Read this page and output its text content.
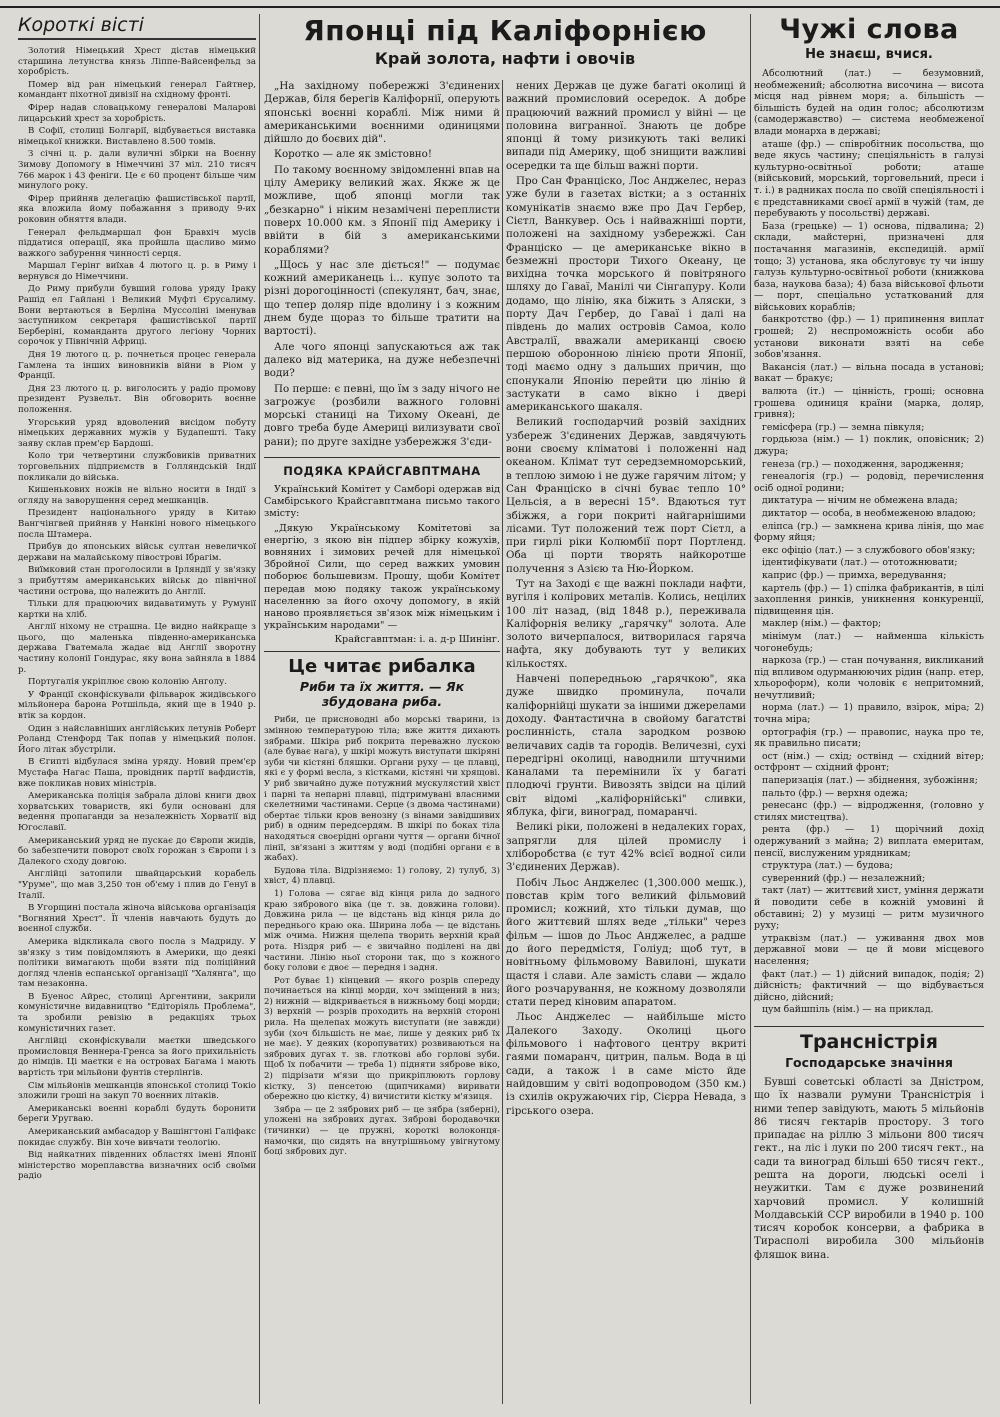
Короткі вісті

Золотий Німецький Хрест дістав німецький старшина летунства князь Ліппе-Вайсенфельд за хоробрість.

Помер від ран німецький генерал Гайтнер, командант піхотної дивізії на східному фронті.

Фірер надав словацькому генералові Маларові лицарський хрест за хоробрість.

В Софії, столиці Болгарії, відбувається виставка німецької книжки. Виставлено 8.500 томів.

З січні ц. р. дали вуличні збірки на Воєнну Зимову Допомогу в Німеччині 37 міл. 210 тисяч 766 марок і 43 феніги. Це є 60 процент більше чим минулого року.

Фірер прийняв делегацію фашистівської партії, яка вложила йому побажання з приводу 9-их роковин обняття влади.

Генерал фельдмаршал фон Бравхіч мусів піддатися операції, яка пройшла щасливо мимо важкого забурення чинності серця.

Маршал Герінг виїхав 4 лютого ц. р. в Риму і вернувся до Німеччини.

До Риму прибули бувший голова уряду Іраку Рашід ел Гайлані і Великий Муфті Єрусалиму. Вони вертаються в Берліна Муссоліні іменував заступником секретаря фашистівської партії Берберіні, команданта другого легіону Чорних сорочок у Північній Африці.

Дня 19 лютого ц. р. почнеться процес генерала Гамлена та інших виновників війни в Ріом у Франції.

Дня 23 лютого ц. р. виголосить у радіо промову президент Рузвельт. Він обговорить воєнне положення.

Угорський уряд вдоволений висідом побуту німецьких державних мужів у Будапешті. Таку заяву склав прем'єр Бардоші.

Коло три четвертини службовиків приватних торговельних підприємств в Голляндській Індії покликали до війська.

Кишенькових ножів не вільно носити в Індії з огляду на заворушення серед мешканців.

Президент національного уряду в Китаю Вангчінгвей прийняв у Нанкіні нового німецького посла Штамера.

Прибув до японських військ султан невеличкої держави на малайському півострові Ібрагім.

Виїмковий стан проголосили в Ірляндії у зв'язку з прибуттям американських військ до північної частини острова, що належить до Англії.

Тільки для працюючих видаватимуть у Румунії картки на хліб.

Англії ніхому не страшна. Це видно найкраще з цього, що маленька південно-американська держава Гватемала жадає від Англії зворотну частину колонії Гондурас, яку вона зайняла в 1884 р.

Португалія укріплює свою колонію Анголу.

У Франції сконфіскували фільварок жидівського мільйонера барона Ротшільда, який ще в 1940 р. втік за кордон.

Один з найславніших англійських летунів Роберт Роланд Стенфорд Так попав у німецький полон. Його літак збустріли.

В Єгипті відбулася зміна уряду. Новий прем'єр Мустафа Нагас Паша, провідник партії вафдистів, вже покликав нових міністрів.

Американська поліція забрала ділові книги двох хорватських товариств, які були основані для ведення пропаганди за незалежність Хорватії від Югославії.

Американський уряд не пускає до Європи жидів, бо забезпечити поворот своїх горожан з Європи і з Далекого сходу довгою.

Англійці затопили швайцарський корабель "Уруме", що мав 3,250 тон об'єму і плив до Генуї в Італії.

В Угорщині постала жіноча військова організація "Вогняний Хрест". Її членів навчають будуть до воєнної служби.

Америка відкликала свого посла з Мадриду. У зв'язку з тим повідомляють в Америки, що деякі політики вимагають щоби взяти під поліційний догляд членів еспанської організації "Халянга", що там незаконна.

В Буенос Айрес, столиці Аргентини, закрили комуністичне видавництво "Едіторіяль Проблема", та зробили ревізію в редакціях трьох комуністичних газет.

Англійці сконфіскували маєтки шведського промисловця Веннера-Гренса за його прихильність до німців. Ці маєтки є на островах Багама і мають вартість три мільйони фунтів стерлінгів.

Сім мільйонів мешканців японської столиці Токіо зложили гроші на закуп 70 воєнних літаків.

Американські воєнні кораблі будуть боронити береги Уругваю.

Американський амбасадор у Вашінгтоні Галіфакс покидає службу. Він хоче вивчати теологію.

Від найкатних південних областях імені Японії міністерство мореплавства визначних осіб своїми радіо

Японці під Каліфорнією
Край золота, нафти і овочів

„На західному побережжі З'єдинених Держав, біля берегів Каліфорнії, оперують японські воєнні кораблі. Між ними й американськими воєнними одиницями дійшло до боєвих дій".

Коротко — але як змістовно!

По такому воєнному звідомленні впав на цілу Америку великий жах. Якже ж це можливе, щоб японці могли так „безкарно" і ніким незамічені переплисти поверх 10.000 км. з Японії під Америку і ввійти в бій з американськими кораблями?

„Щось у нас зле діється!" — подумає кожний американець і... купує золото та різні дорогоцінності (спекулянт, бач, знає, що тепер доляр піде вдолину і з кожним днем буде щораз то більше тратити на вартості).

Але чого японці запускаються аж так далеко від материка, на дуже небезпечні води?

По перше: є певні, що їм з заду нічого не загрожує (розбили важного головні морські станиці на Тихому Океані, де довго треба буде Америці вилизувати свої рани); по друге західне узбережжя З'єди-

ПОДЯКА КРАЙСГАВПТМАНА

Український Комітет у Самборі одержав від Самбірського Крайсгавптмана письмо такого змісту:

„Дякую Українському Комітетові за енергію, з якою він підпер збірку кожухів, вовняних і зимових речей для німецької Збройної Сили, що серед важких умовин поборює большевизм. Прошу, щоби Комітет передав мою подяку також українському населенню за його охочу допомогу, в якій наново проявляється зв'язок між німецьким і українським народами" —

Крайсгавптман: і. а. д-р Шинінг.
Це читає рибалка
Риби та їх життя. — Як збудована риба.

Риби, це присноводні або морські тварини, із змінною температурою тіла; вже життя дихають зябрами. Шкіра риб покрита переважно лускою (але буває нага), у шкірі можуть виступати шкіряні зуби чи кістяні бляшки. Органи руху — це плавці, які є у формі весла, з кістками, кістяні чи хрящові. У риб звичайно дуже потужний мускулястий хвіст і парні та непарні плавці, підтримувані власними скелетними частинами. Серце (з двома частинами) обертає тільки кров венозну (з вінами завідшивих риб) в одним передсердям. В шкірі по боках тіла находяться своєрідні органи чуття — органи бічної лінії, зв'язані з життям у воді (подібні органи є в жабах).

Будова тіла. Відрізняємо: 1) голову, 2) тулуб, 3) хвіст, 4) плавці.

1) Голова — сягає від кінця рила до задного краю зябрового віка (це т. зв. довжина голови). Довжина рила — це відстань від кінця рила до переднього краю ока. Ширина лоба — це відстань між очима. Нижня щелепа творить верхній край рота. Ніздря риб — є звичайно поділені на дві частини. Лінію ньої сторони так, що з кожного боку голови є двоє — передня і задня.

Рот буває 1) кінцевий — якого розрів спереду починається на кінці морди, хоч зміщений в низ; 2) нижній — відкривається в нижньому боці морди; 3) верхній — розрів проходить на верхній стороні рила. На щелепах можуть виступати (не завжди) зуби (хоч більшість не має, лише у деяких риб їх не має). У деяких (коропуватих) розвиваються на зябрових дугах т. зв. глоткові або горлові зуби. Щоб їх побачити — треба 1) підняти зяброве віко, 2) підрізати м'язи що прикріплюють горлову кістку, 3) пенсетою (щипчиками) виривати обережно цю кістку, 4) вичистити кістку м'язиця.

Зябра — це 2 зябрових риб — це зябра (зяберні), уложені на зябрових дугах. Зяброві бородавочки (тичинки) — це пружні, короткі волоконця-намочки, що сидять на внутрішньому увігнутому боці зябрових дуг.

нених Держав це дуже багаті околиці й важний промисловий осередок. А добре працюючий важний промисл у війні — це половина вигранної. Знають це добре японці й тому ризикують такі великі випади під Америку, щоб знищити важливі осередки та ще більш важні порти.

Про Сан Франціско, Лос Анджелес, нераз уже були в газетах вістки; а з останніх комунікатів знаємо вже про Дач Гербер, Сієтл, Ванкувер. Ось і найважніші порти, положені на західному узбережжі. Сан Франціско — це американське вікно в безмежні простори Тихого Океану, це вихідна точка морського й повітряного шляху до Гаваї, Манілі чи Сінгапуру. Коли додамо, що лінію, яка біжить з Аляски, з порту Дач Гербер, до Гаваї і далі на південь до малих островів Самоа, коло Австралії, вважали американці своєю першою оборонною лінією проти Японії, тоді маємо одну з дальших причин, що спонукали Японію перейти цю лінію й застукати в само вікно і двері американського шакаля.

Великий господарчий розвій західних узбереж З'єдинених Держав, завдячують вони своєму кліматові і положенні над океаном. Клімат тут середземноморський, в теплою зимою і не дуже гарячим літом; у Сан Франціско в січні буває тепло 10° Цельсія, а в вересні 15°. Вдаються тут збіжжя, а гори покриті найгарнішими лісами. Тут положений теж порт Сієтл, а при гирлі ріки Колюмбії порт Портленд. Оба ці порти творять найкоротше получення з Азією та Ню-Йорком.

Тут на Заході є ще важні поклади нафти, вугіля і колірових металів. Колись, нецілих 100 літ назад, (від 1848 р.), переживала Каліфорнія велику „гарячку" золота. Але золото вичерпалося, витворилася гаряча нафта, яку добувають тут у великих кількостях.

Навчені попередньою „гарячкою", яка дуже швидко проминула, почали каліфорнійці шукати за іншими джерелами доходу. Фантастична в свойому багатстві рослинність, стала зародком розвою величавих садів та городів. Величезні, сухі передгірні околиці, наводнили штучними каналами та перемінили їх у багаті плодючі грунти. Вивозять звідси на цілий світ відомі „каліфорнійські" сливки, яблука, фіги, виноград, помаранчі.

Великі ріки, положені в недалеких горах, запрягли для цілей промислу і хліборобства (є тут 42% всієї водної сили З'єдинених Держав).

Побіч Льос Анджелес (1,300.000 мешк.), повстав крім того великий фільмовий промисл; кожний, хто тільки думав, що його життєвий шлях веде „тільки" через фільм — ішов до Льос Анджелес, а радше до його передмістя, Голіуд; щоб тут, в новітньому фільмовому Вавилоні, шукати щастя і слави. Але замість слави — ждало його розчарування, не кожному дозволяли стати перед кіновим апаратом.

Льос Анджелес — найбільше місто Далекого Заходу. Околиці цього фільмового і нафтового центру вкриті гаями помаранч, цитрин, пальм. Вода в ці сади, а також і в саме місто йде найдовшим у світі водопроводом (350 км.) із схилів окружаючих гір, Сієрра Невада, з гірського озера.

Чужі слова
Не знаєш, вчися.

Абсолютний (лат.) — безумовний, необмежений; абсолютна височина — висота місця над рівнем моря; а. більшість — більшість будей на один голос; абсолютизм (самодержавство) — система необмеженої влади монарха в державі;

аташе (фр.) — співробітник посольства, що веде якусь частину; спеціяльність в галузі культурно-освітньої роботи; аташе (військовий, морський, торговельний, преси і т. і.) в радниках посла по своїй спеціяльності і є представниками своєї армії в чужій (там, де перебувають у посольстві) державі.

База (грецьке) — 1) основа, підвалина; 2) склади, майстерні, призначені для постачання магазинів, експедицій. армії тощо; 3) установа, яка обслуговує ту чи іншу галузь культурно-освітньої роботи (книжкова база, наукова база); 4) база військової фльоти — порт, спеціально устаткований для військових кораблів;

банкротство (фр.) — 1) припинення виплат грошей; 2) неспроможність особи або установи виконати взяті на себе зобов'язання.

Вакансія (лат.) — вільна посада в установі; вакат — бракує;

валюта (іт.) — цінність, гроші; основна грошева одиниця країни (марка, доляр, гривня);

гемісфера (гр.) — земна півкуля;

гордьюза (нім.) — 1) поклик, оповісник; 2) джура;

генеза (гр.) — походження, зародження;

генеалогія (гр.) — родовід, перечислення осіб одної родини;

диктатура — нічим не обмежена влада;

диктатор — особа, в необмеженою владою;

еліпса (гр.) — замкнена крива лінія, що має форму яйця;

екс офіціо (лат.) — з службового обов'язку;

ідентифікувати (лат.) — ототожнювати;

каприс (фр.) — примха, вередування;

картель (фр.) — 1) спілка фабрикантів, в цілі захоплення ринків, уникнення конкуренції, підвищення цін.

маклер (нім.) — фактор;

мінімум (лат.) — найменша кількість чогонебудь;

наркоза (гр.) — стан почування, викликаний під впливом одурманюючих рідин (напр. етер, хльороформ), коли чоловік є непритомний, нечутливий;

норма (лат.) — 1) правило, взірок, міра; 2) точна міра;

ортографія (гр.) — правопис, наука про те, як правильно писати;

ост (нім.) — схід; оствінд — східний вітер; остфронт — східний фронт;

паперизація (лат.) — збіднення, зубожіння;

пальто (фр.) — верхня одежа;

ренесанс (фр.) — відродження, (головно у стилях мистецтва).

рента (фр.) — 1) щорічний дохід одержуваний з майна; 2) виплата емеритам, пенсії, вислуженим урядникам;

структура (лат.) — будова;

суверенний (фр.) — незалежний;

такт (лат) — життєвий хист, уміння держати й поводити себе в кожній умовині й обставині; 2) у музиці — ритм музичного руху;

утраквізм (лат.) — уживання двох мов державної мови — це й мови місцевого населення;

факт (лат.) — 1) дійсний випадок, подія; 2) дійсність; фактичний — що відбувається дійсно, дійсний;

цум байшпіль (нім.) — на приклад.

Трансністрія
Господарське значіння

Бувші советські області за Дністром, що їх назвали румуни Трансністрія і ними тепер завідують, мають 5 мільйонів 86 тисяч гектарів простору. З того припадає на ріллю 3 мільони 800 тисяч гект., на ліс і луки по 200 тисяч гект., на сади та виноград більші 650 тисяч гект., решта на дороги, людські оселі і неужитки. Там є дуже розвинений харчовий промисл. У колишній Молдавській ССР виробили в 1940 р. 100 тисяч коробок консерви, а фабрика в Тирасполі виробила 300 мільйонів фляшок вина.
